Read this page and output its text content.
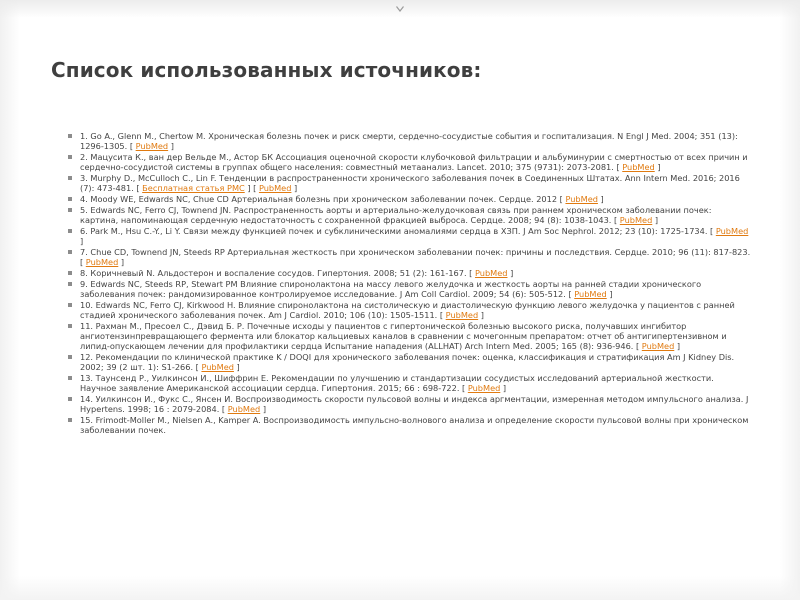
Список использованных источников:
1. Go A., Glenn M., Chertow M. Хроническая болезнь почек и риск смерти, сердечно-сосудистые события и госпитализация. N Engl J Med. 2004; 351 (13): 1296-1305. [ PubMed ]
2. Мацусита К., ван дер Вельде М., Астор БК Ассоциация оценочной скорости клубочковой фильтрации и альбуминурии с смертностью от всех причин и сердечно-сосудистой системы в группах общего населения: совместный метаанализ. Lancet. 2010; 375 (9731): 2073-2081. [ PubMed ]
3. Murphy D., McCulloch C., Lin F. Тенденции в распространенности хронического заболевания почек в Соединенных Штатах. Ann Intern Med. 2016; 2016 (7): 473-481. [ Бесплатная статья PMC ] [ PubMed ]
4. Moody WE, Edwards NC, Chue CD Артериальная болезнь при хроническом заболевании почек. Сердце. 2012 [ PubMed ]
5. Edwards NC, Ferro CJ, Townend JN. Распространенность аорты и артериально-желудочковая связь при раннем хроническом заболевании почек: картина, напоминающая сердечную недостаточность с сохраненной фракцией выброса. Сердце. 2008; 94 (8): 1038-1043. [ PubMed ]
6. Park M., Hsu C.-Y., Li Y. Связи между функцией почек и субклиническими аномалиями сердца в ХЗП. J Am Soc Nephrol. 2012; 23 (10): 1725-1734. [ PubMed ]
7. Chue CD, Townend JN, Steeds RP Артериальная жесткость при хроническом заболевании почек: причины и последствия. Сердце. 2010; 96 (11): 817-823. [ PubMed ]
8. Коричневый N. Альдостерон и воспаление сосудов. Гипертония. 2008; 51 (2): 161-167. [ PubMed ]
9. Edwards NC, Steeds RP, Stewart PM Влияние спиронолактона на массу левого желудочка и жесткость аорты на ранней стадии хронического заболевания почек: рандомизированное контролируемое исследование. J Am Coll Cardiol. 2009; 54 (6): 505-512. [ PubMed ]
10. Edwards NC, Ferro CJ, Kirkwood H. Влияние спиронолактона на систолическую и диастолическую функцию левого желудочка у пациентов с ранней стадией хронического заболевания почек. Am J Cardiol. 2010; 106 (10): 1505-1511. [ PubMed ]
11. Рахман М., Пресоел С., Дэвид Б. Р. Почечные исходы у пациентов с гипертонической болезнью высокого риска, получавших ингибитор ангиотензинпревращающего фермента или блокатор кальциевых каналов в сравнении с мочегонным препаратом: отчет об антигипертензивном и липид-опускающем лечении для профилактики сердца Испытание нападения (ALLHAT) Arch Intern Med. 2005; 165 (8): 936-946. [ PubMed ]
12. Рекомендации по клинической практике K / DOQI для хронического заболевания почек: оценка, классификация и стратификация Am J Kidney Dis. 2002; 39 (2 шт. 1): S1-266. [ PubMed ]
13. Таунсенд Р., Уилкинсон И., Шиффрин Е. Рекомендации по улучшению и стандартизации сосудистых исследований артериальной жесткости. Научное заявление Американской ассоциации сердца. Гипертония. 2015; 66 : 698-722. [ PubMed ]
14. Уилкинсон И., Фукс С., Янсен И. Воспроизводимость скорости пульсовой волны и индекса аргментации, измеренная методом импульсного анализа. J Hypertens. 1998; 16 : 2079-2084. [ PubMed ]
15. Frimodt-Moller M., Nielsen A., Kamper A. Воспроизводимость импульсно-волнового анализа и определение скорости пульсовой волны при хроническом заболевании почек.
